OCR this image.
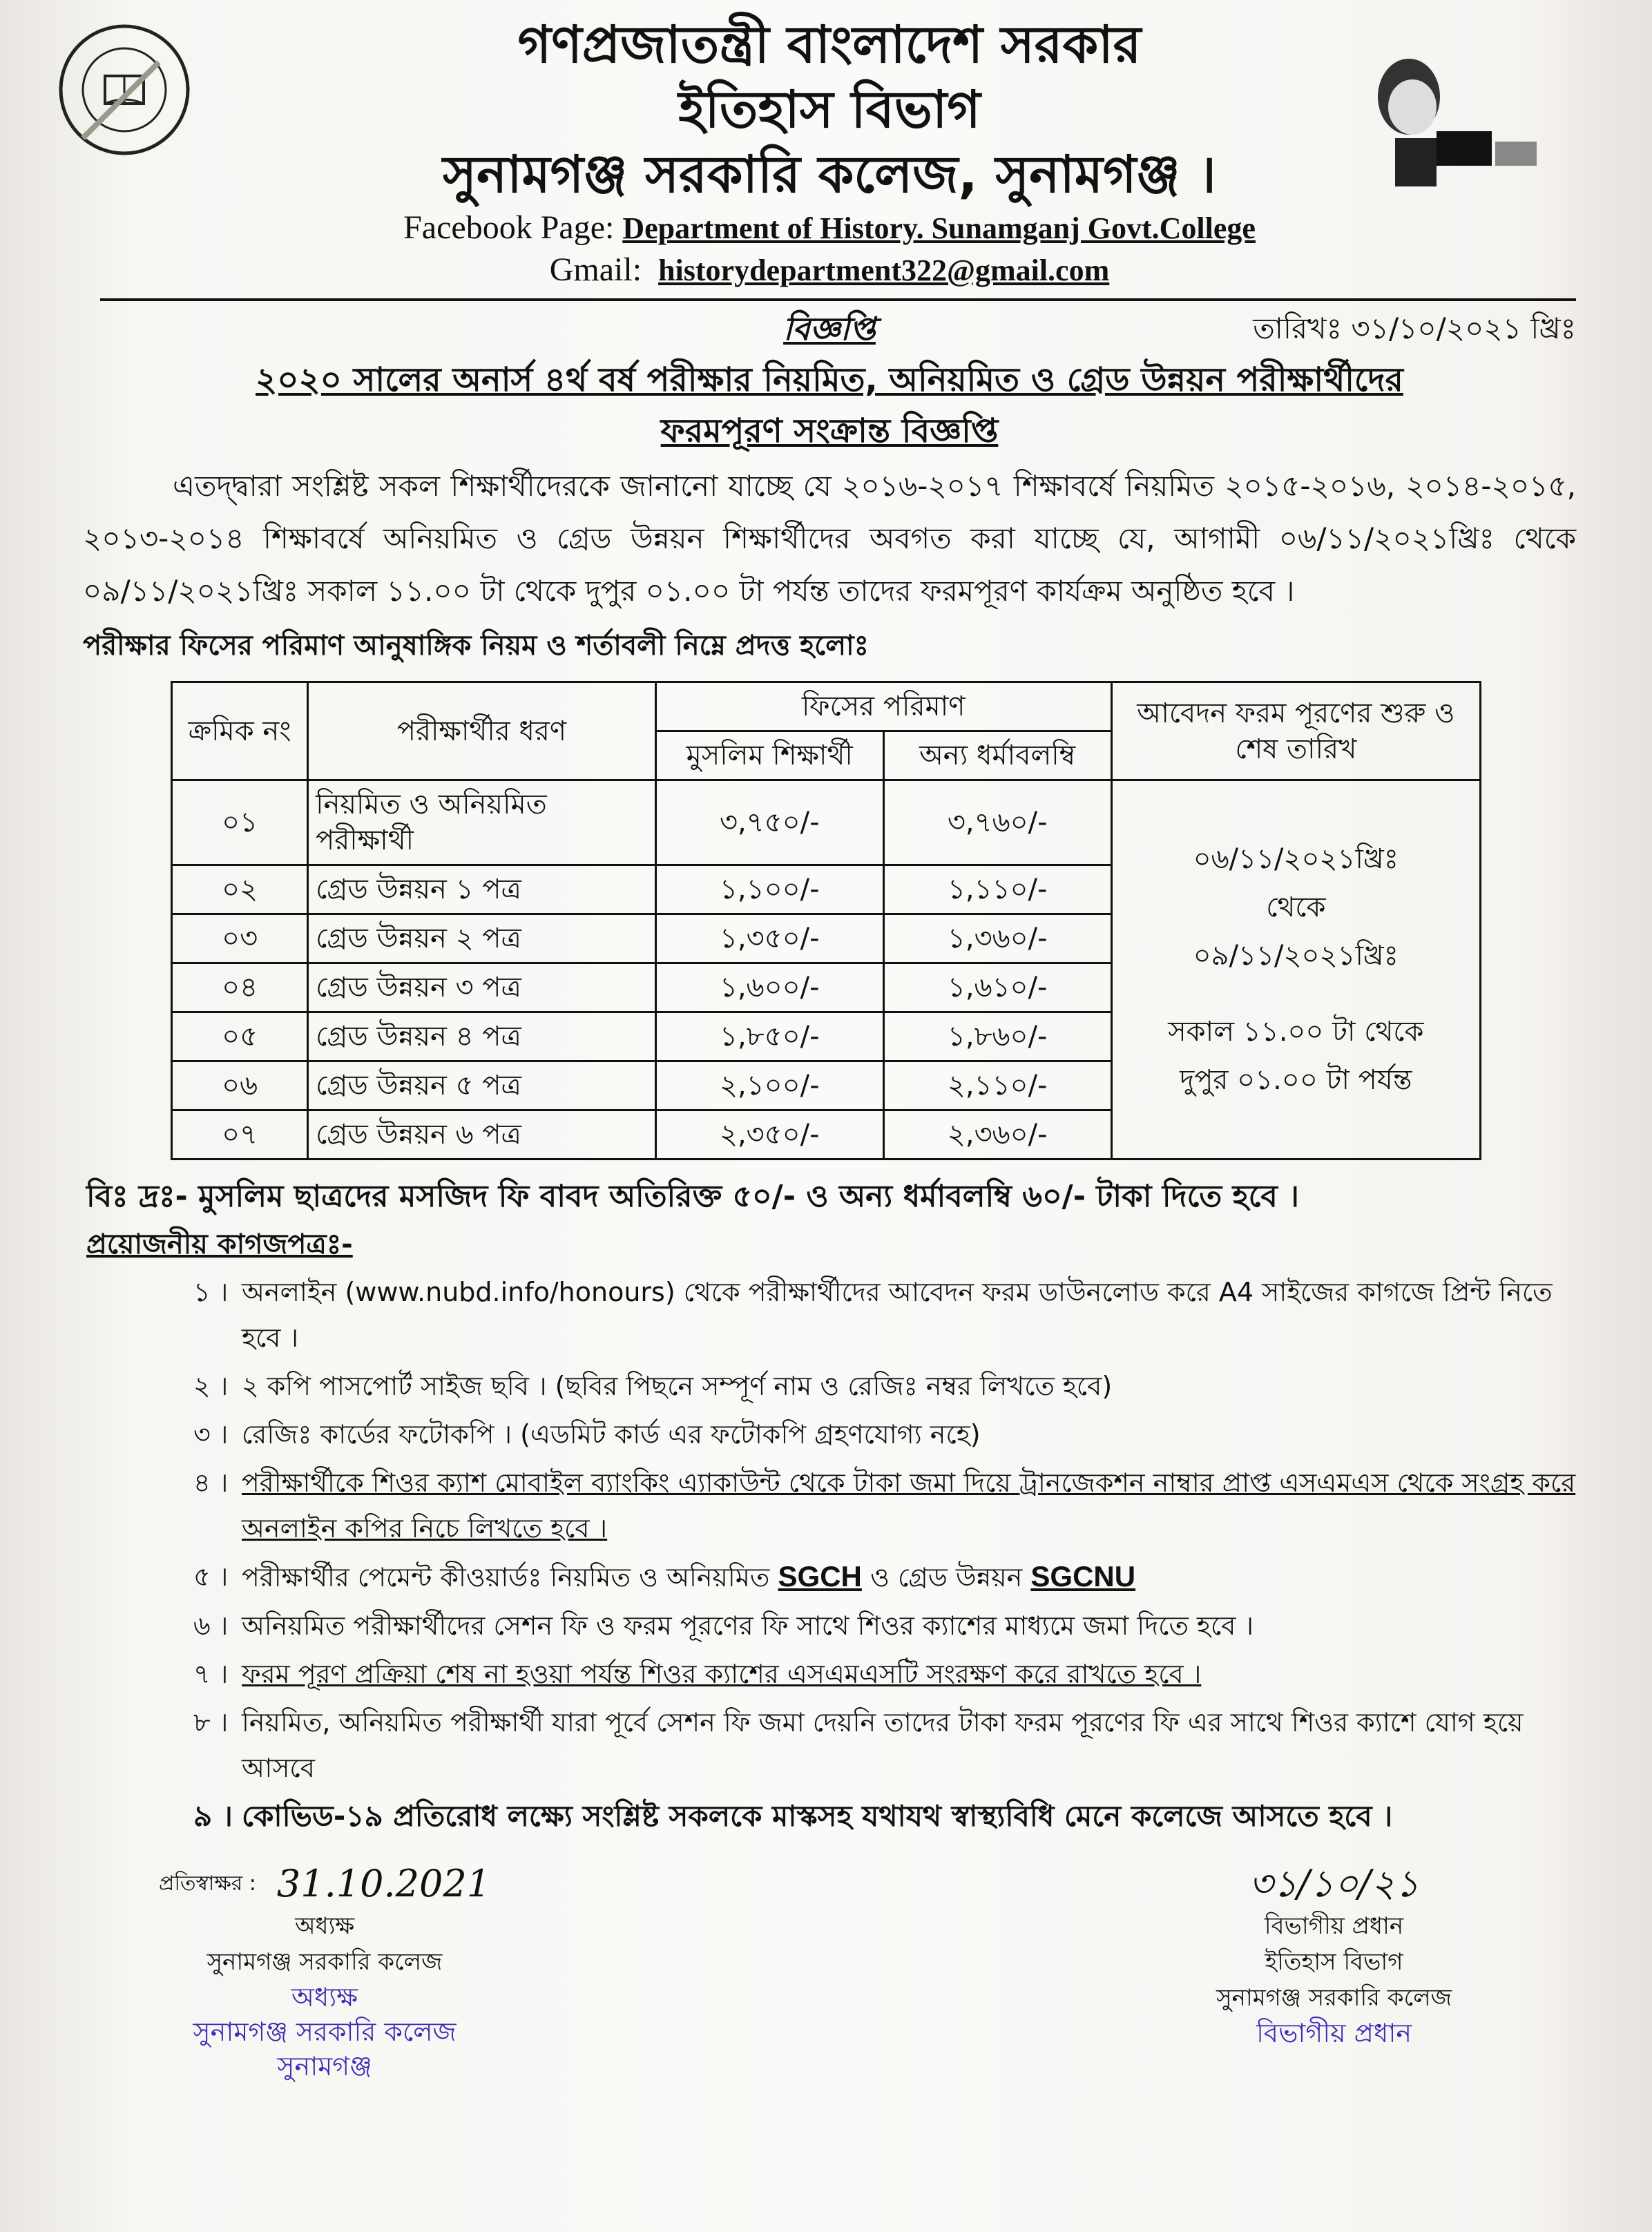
গণপ্রজাতন্ত্রী বাংলাদেশ সরকার
ইতিহাস বিভাগ
সুনামগঞ্জ সরকারি কলেজ, সুনামগঞ্জ ।
Facebook Page: Department of History. Sunamganj Govt.College
Gmail: historydepartment322@gmail.com
বিজ্ঞপ্তি	তারিখঃ ৩১/১০/২০২১ খ্রিঃ
২০২০ সালের অনার্স ৪র্থ বর্ষ পরীক্ষার নিয়মিত, অনিয়মিত ও গ্রেড উন্নয়ন পরীক্ষার্থীদের
ফরমপূরণ সংক্রান্ত বিজ্ঞপ্তি
এতদ্দ্বারা সংশ্লিষ্ট সকল শিক্ষার্থীদেরকে জানানো যাচ্ছে যে ২০১৬-২০১৭ শিক্ষাবর্ষে নিয়মিত ২০১৫-২০১৬, ২০১৪-২০১৫, ২০১৩-২০১৪ শিক্ষাবর্ষে অনিয়মিত ও গ্রেড উন্নয়ন শিক্ষার্থীদের অবগত করা যাচ্ছে যে, আগামী ০৬/১১/২০২১খ্রিঃ থেকে ০৯/১১/২০২১খ্রিঃ সকাল ১১.০০ টা থেকে দুপুর ০১.০০ টা পর্যন্ত তাদের ফরমপূরণ কার্যক্রম অনুষ্ঠিত হবে ।
পরীক্ষার ফিসের পরিমাণ আনুষাঙ্গিক নিয়ম ও শর্তাবলী নিম্নে প্রদত্ত হলোঃ
ক্রমিক নং	পরীক্ষার্থীর ধরণ	ফিসের পরিমাণ		আবেদন ফরম পূরণের শুরু ও শেষ তারিখ
		মুসলিম শিক্ষার্থী	অন্য ধর্মাবলম্বি	
০১	নিয়মিত ও অনিয়মিত পরীক্ষার্থী	৩,৭৫০/-	৩,৭৬০/-	০৬/১১/২০২১খ্রিঃ
থেকে
০৯/১১/২০২১খ্রিঃ
সকাল ১১.০০ টা থেকে
দুপুর ০১.০০ টা পর্যন্ত

০২	গ্রেড উন্নয়ন ১ পত্র	১,১০০/-	১,১১০/-	
০৩	গ্রেড উন্নয়ন ২ পত্র	১,৩৫০/-	১,৩৬০/-	
০৪	গ্রেড উন্নয়ন ৩ পত্র	১,৬০০/-	১,৬১০/-	
০৫	গ্রেড উন্নয়ন ৪ পত্র	১,৮৫০/-	১,৮৬০/-	
০৬	গ্রেড উন্নয়ন ৫ পত্র	২,১০০/-	২,১১০/-	
০৭	গ্রেড উন্নয়ন ৬ পত্র	২,৩৫০/-	২,৩৬০/-	
বিঃ দ্রঃ- মুসলিম ছাত্রদের মসজিদ ফি বাবদ অতিরিক্ত ৫০/- ও অন্য ধর্মাবলম্বি ৬০/- টাকা দিতে হবে ।
প্রয়োজনীয় কাগজপত্রঃ-
১ । অনলাইন (www.nubd.info/honours) থেকে পরীক্ষার্থীদের আবেদন ফরম ডাউনলোড করে A4 সাইজের কাগজে প্রিন্ট নিতে হবে ।
২ । ২ কপি পাসপোর্ট সাইজ ছবি । (ছবির পিছনে সম্পূর্ণ নাম ও রেজিঃ নম্বর লিখতে হবে)
৩ । রেজিঃ কার্ডের ফটোকপি । (এডমিট কার্ড এর ফটোকপি গ্রহণযোগ্য নহে)
৪ । পরীক্ষার্থীকে শিওর ক্যাশ মোবাইল ব্যাংকিং এ্যাকাউন্ট থেকে টাকা জমা দিয়ে ট্রানজেকশন নাম্বার প্রাপ্ত এসএমএস থেকে সংগ্রহ করে অনলাইন কপির নিচে লিখতে হবে ।
৫ । পরীক্ষার্থীর পেমেন্ট কীওয়ার্ডঃ নিয়মিত ও অনিয়মিত SGCH ও গ্রেড উন্নয়ন SGCNU
৬ । অনিয়মিত পরীক্ষার্থীদের সেশন ফি ও ফরম পূরণের ফি সাথে শিওর ক্যাশের মাধ্যমে জমা দিতে হবে ।
৭ । ফরম পূরণ প্রক্রিয়া শেষ না হওয়া পর্যন্ত শিওর ক্যাশের এসএমএসটি সংরক্ষণ করে রাখতে হবে ।
৮ । নিয়মিত, অনিয়মিত পরীক্ষার্থী যারা পূর্বে সেশন ফি জমা দেয়নি তাদের টাকা ফরম পূরণের ফি এর সাথে শিওর ক্যাশে যোগ হয়ে আসবে
৯ । কোভিড-১৯ প্রতিরোধ লক্ষ্যে সংশ্লিষ্ট সকলকে মাস্কসহ যথাযথ স্বাস্থ্যবিধি মেনে কলেজে আসতে হবে ।
প্রতিস্বাক্ষর : 31.10.2021
অধ্যক্ষ
সুনামগঞ্জ সরকারি কলেজ
অধ্যক্ষ
সুনামগঞ্জ সরকারি কলেজ
সুনামগঞ্জ
৩১/১০/২১
বিভাগীয় প্রধান
ইতিহাস বিভাগ
সুনামগঞ্জ সরকারি কলেজ
বিভাগীয় প্রধান
